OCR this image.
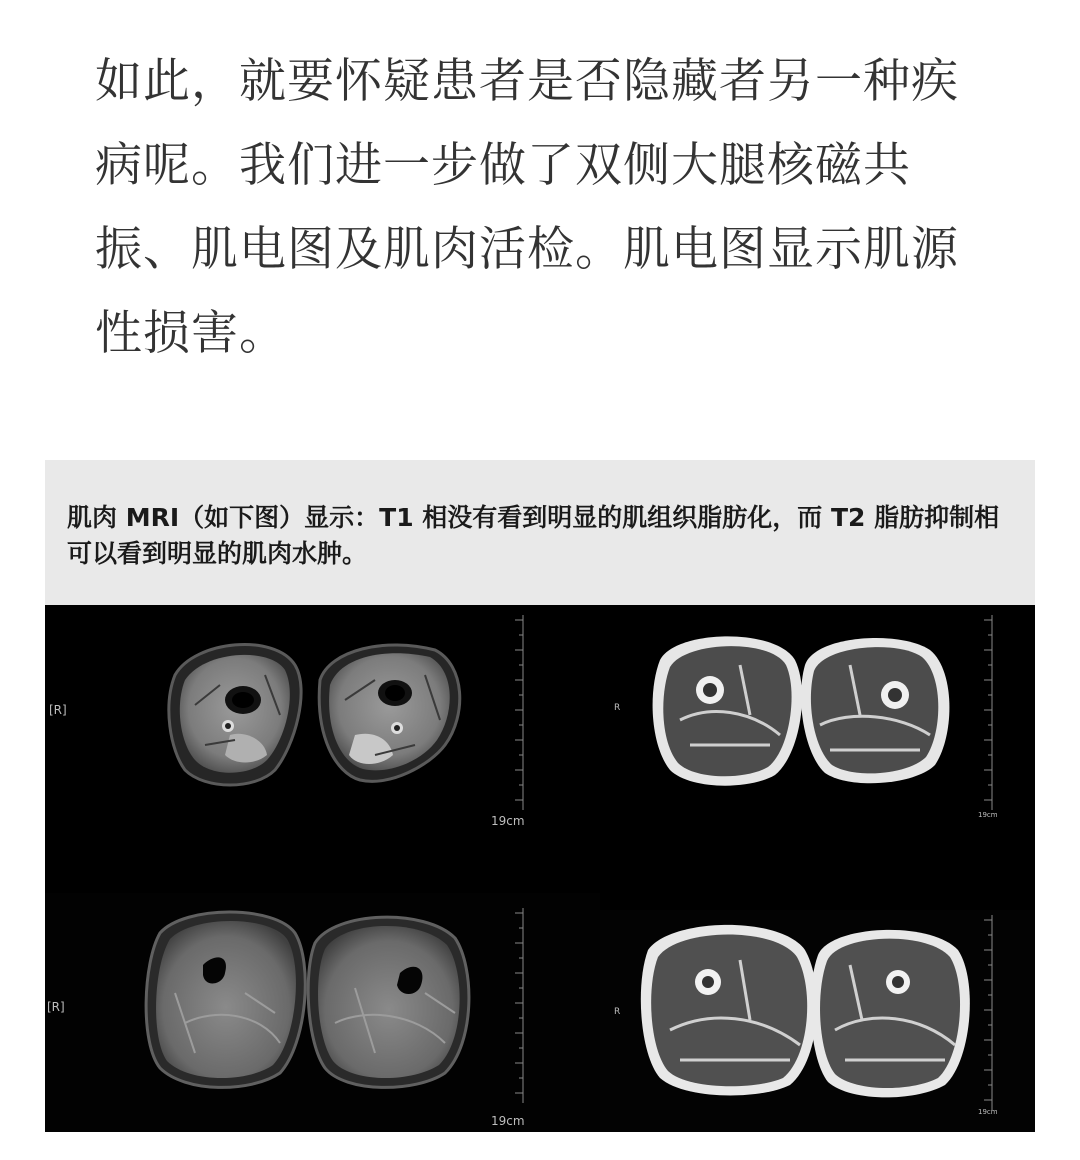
如此，就要怀疑患者是否隐藏者另一种疾病呢。我们进一步做了双侧大腿核磁共振、肌电图及肌肉活检。肌电图显示肌源性损害。
肌肉 MRI（如下图）显示：T1 相没有看到明显的肌组织脂肪化，而 T2 脂肪抑制相可以看到明显的肌肉水肿。
[R]
19cm
R
19cm
[R]
19cm
R
19cm
